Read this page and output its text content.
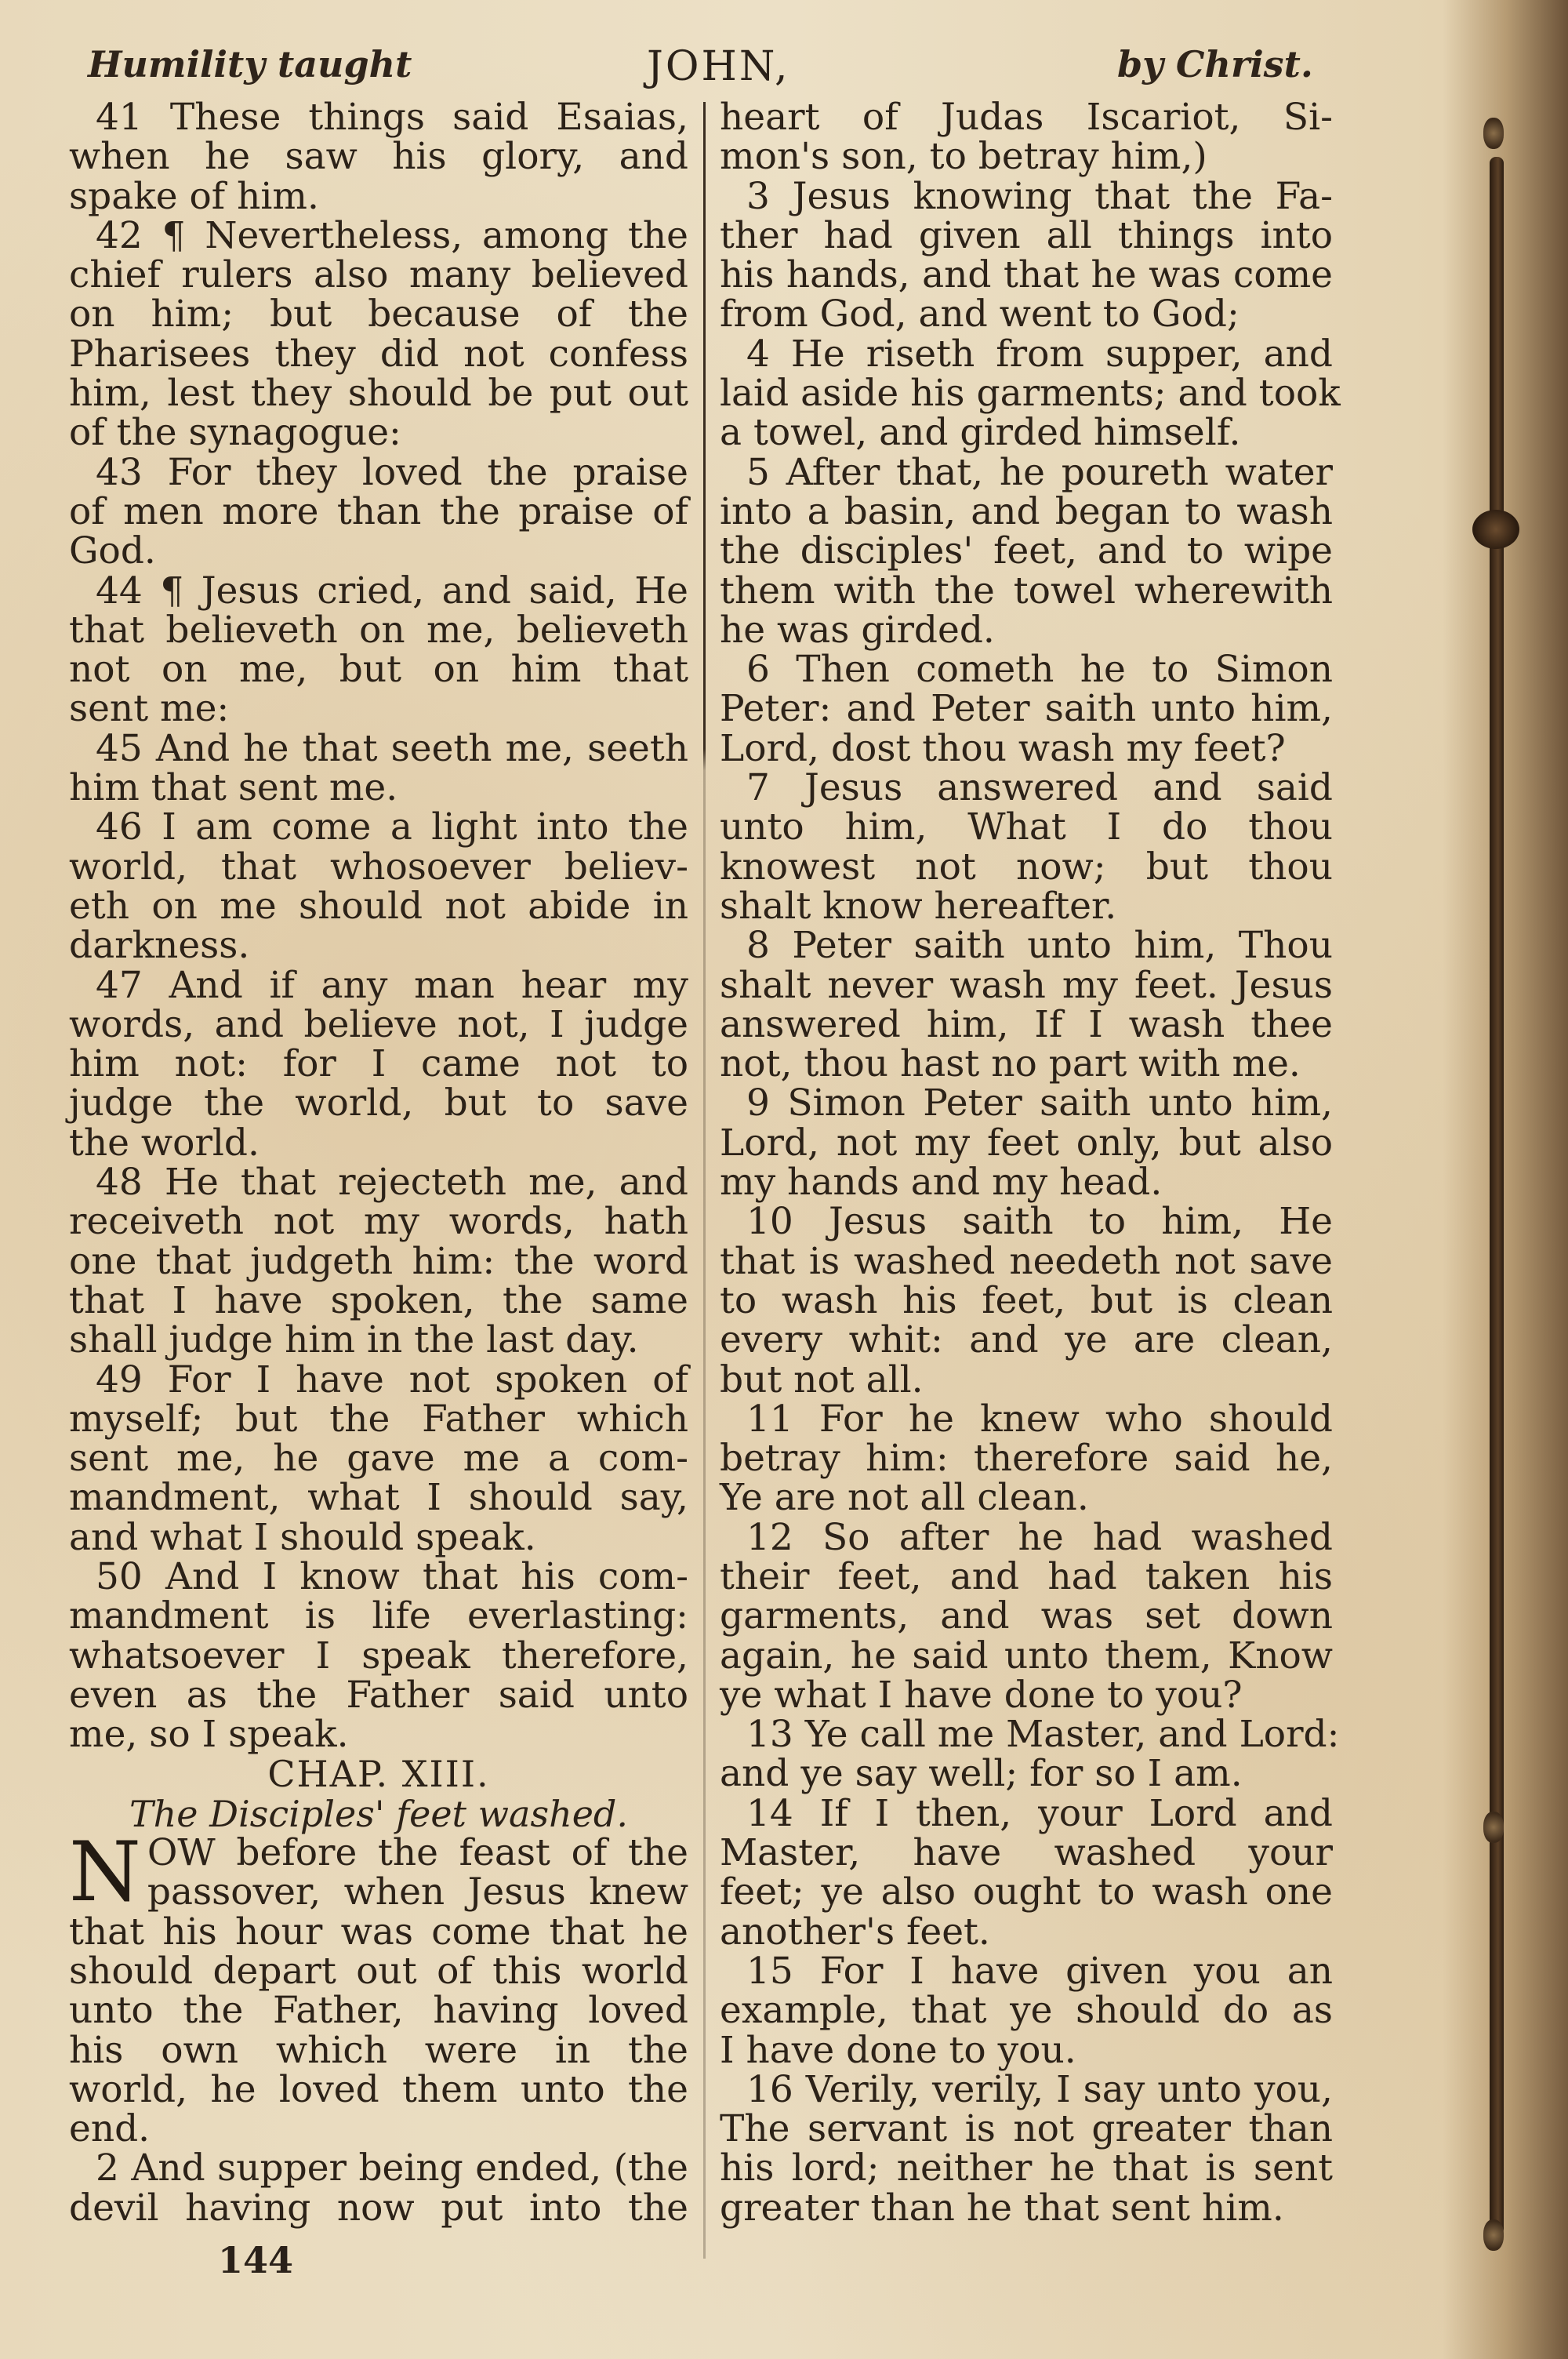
Humility taught	JOHN,	by Christ.
41 These things said Esaias,
when he saw his glory, and
spake of him.
42 ¶ Nevertheless, among the
chief rulers also many believed
on him; but because of the
Pharisees they did not confess
him, lest they should be put out
of the synagogue:
43 For they loved the praise
of men more than the praise of
God.
44 ¶ Jesus cried, and said, He
that believeth on me, believeth
not on me, but on him that
sent me:
45 And he that seeth me, seeth
him that sent me.
46 I am come a light into the
world, that whosoever believ-
eth on me should not abide in
darkness.
47 And if any man hear my
words, and believe not, I judge
him not: for I came not to
judge the world, but to save
the world.
48 He that rejecteth me, and
receiveth not my words, hath
one that judgeth him: the word
that I have spoken, the same
shall judge him in the last day.
49 For I have not spoken of
myself; but the Father which
sent me, he gave me a com-
mandment, what I should say,
and what I should speak.
50 And I know that his com-
mandment is life everlasting:
whatsoever I speak therefore,
even as the Father said unto
me, so I speak.
CHAP. XIII.
The Disciples' feet washed.
N OW before the feast of the
passover, when Jesus knew
that his hour was come that he
should depart out of this world
unto the Father, having loved
his own which were in the
world, he loved them unto the
end.
2 And supper being ended, (the
devil having now put into the
heart of Judas Iscariot, Si-
mon's son, to betray him,)
3 Jesus knowing that the Fa-
ther had given all things into
his hands, and that he was come
from God, and went to God;
4 He riseth from supper, and
laid aside his garments; and took
a towel, and girded himself.
5 After that, he poureth water
into a basin, and began to wash
the disciples' feet, and to wipe
them with the towel wherewith
he was girded.
6 Then cometh he to Simon
Peter: and Peter saith unto him,
Lord, dost thou wash my feet?
7 Jesus answered and said
unto him, What I do thou
knowest not now; but thou
shalt know hereafter.
8 Peter saith unto him, Thou
shalt never wash my feet. Jesus
answered him, If I wash thee
not, thou hast no part with me.
9 Simon Peter saith unto him,
Lord, not my feet only, but also
my hands and my head.
10 Jesus saith to him, He
that is washed needeth not save
to wash his feet, but is clean
every whit: and ye are clean,
but not all.
11 For he knew who should
betray him: therefore said he,
Ye are not all clean.
12 So after he had washed
their feet, and had taken his
garments, and was set down
again, he said unto them, Know
ye what I have done to you?
13 Ye call me Master, and Lord:
and ye say well; for so I am.
14 If I then, your Lord and
Master, have washed your
feet; ye also ought to wash one
another's feet.
15 For I have given you an
example, that ye should do as
I have done to you.
16 Verily, verily, I say unto you,
The servant is not greater than
his lord; neither he that is sent
greater than he that sent him.
144
